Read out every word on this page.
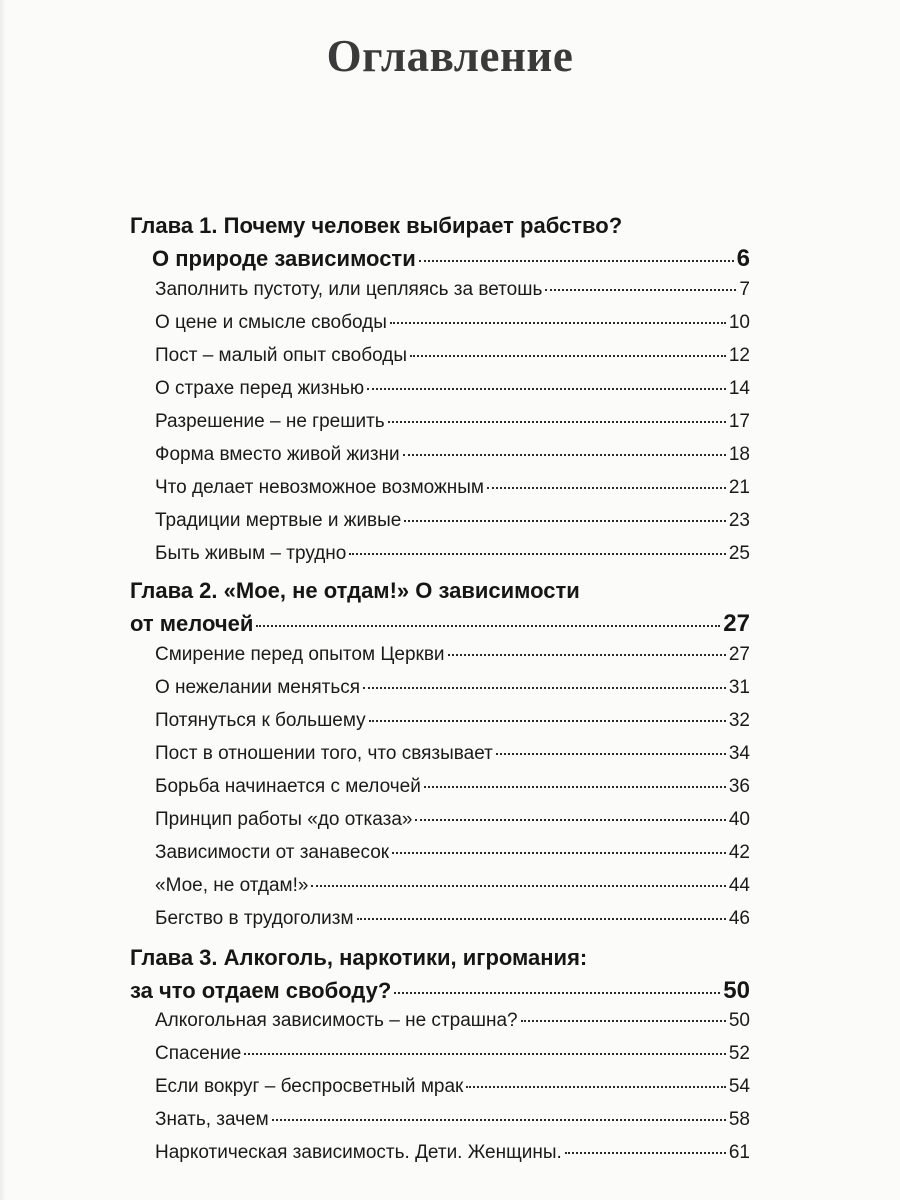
Оглавление
Глава 1. Почему человек выбирает рабство?
О природе зависимости	6
Заполнить пустоту, или цепляясь за ветошь	7
О цене и смысле свободы	10
Пост – малый опыт свободы	12
О страхе перед жизнью	14
Разрешение – не грешить	17
Форма вместо живой жизни	18
Что делает невозможное возможным	21
Традиции мертвые и живые	23
Быть живым – трудно	25
Глава 2. «Мое, не отдам!» О зависимости
от мелочей	27
Смирение перед опытом Церкви	27
О нежелании меняться	31
Потянуться к большему	32
Пост в отношении того, что связывает	34
Борьба начинается с мелочей	36
Принцип работы «до отказа»	40
Зависимости от занавесок	42
«Мое, не отдам!»	44
Бегство в трудоголизм	46
Глава 3. Алкоголь, наркотики, игромания:
за что отдаем свободу?	50
Алкогольная зависимость – не страшна?	50
Спасение	52
Если вокруг – беспросветный мрак	54
Знать, зачем	58
Наркотическая зависимость. Дети. Женщины.	61
